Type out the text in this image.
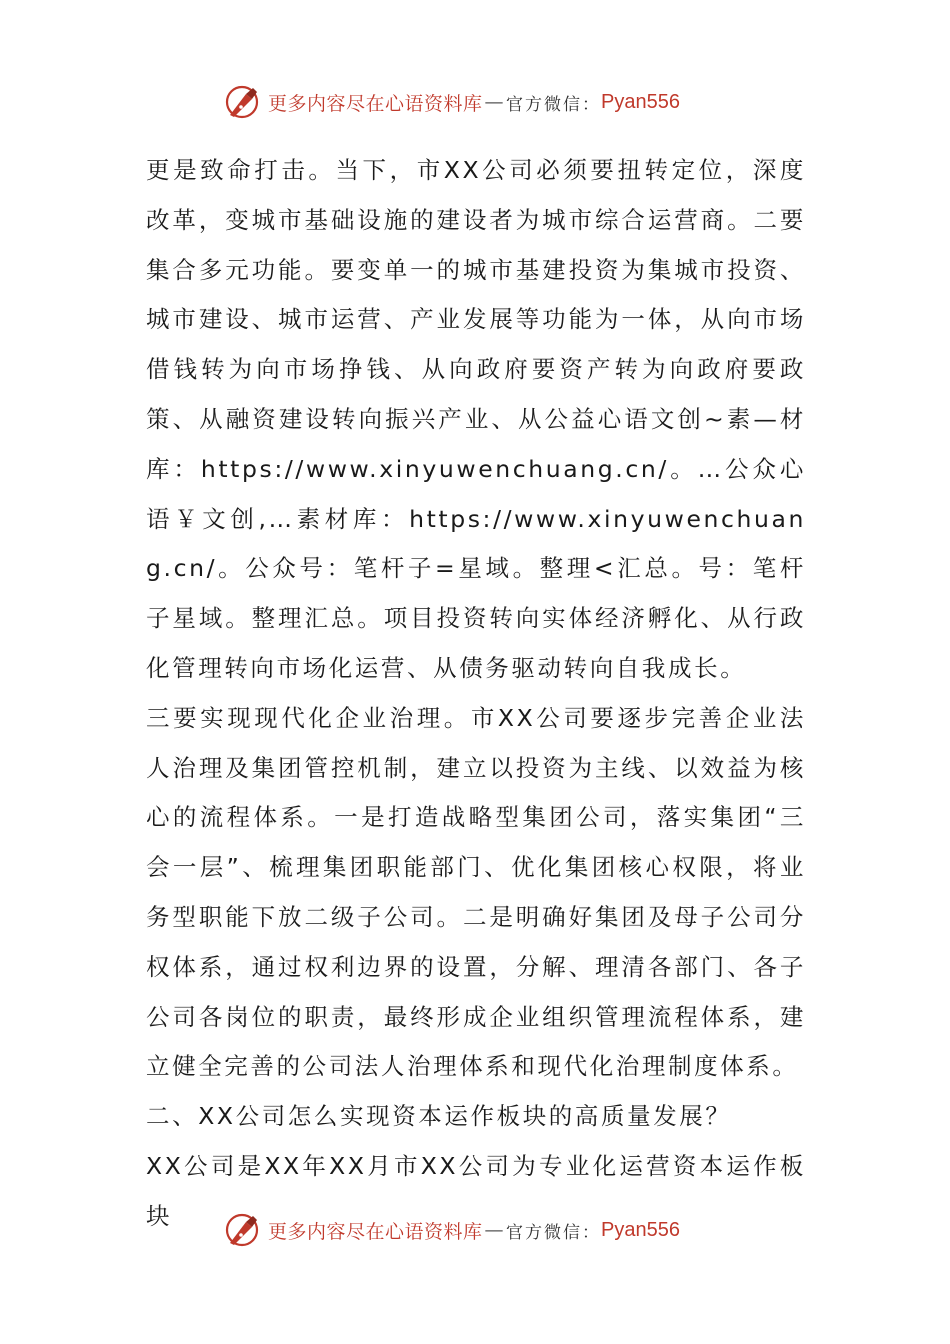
更多内容尽在心语资料库 — 官方微信： Pyan556

更是致命打击。当下，市XX公司必须要扭转定位，深度改革，变城市基础设施的建设者为城市综合运营商。二要集合多元功能。要变单一的城市基建投资为集城市投资、城市建设、城市运营、产业发展等功能为一体，从向市场借钱转为向市场挣钱、从向政府要资产转为向政府要政策、从融资建设转向振兴产业、从公益心语文创~素—材库：https://www.xinyuwenchuang.cn/。…公众心语￥文创,…素材库：https://www.xinyuwenchuang.cn/。公众号：笔杆子=星域。整理<汇总。号：笔杆子星域。整理汇总。项目投资转向实体经济孵化、从行政化管理转向市场化运营、从债务驱动转向自我成长。

三要实现现代化企业治理。市XX公司要逐步完善企业法人治理及集团管控机制，建立以投资为主线、以效益为核心的流程体系。一是打造战略型集团公司，落实集团“三会一层”、梳理集团职能部门、优化集团核心权限，将业务型职能下放二级子公司。二是明确好集团及母子公司分权体系，通过权利边界的设置，分解、理清各部门、各子公司各岗位的职责，最终形成企业组织管理流程体系，建立健全完善的公司法人治理体系和现代化治理制度体系。

二、XX公司怎么实现资本运作板块的高质量发展？

XX公司是XX年XX月市XX公司为专业化运营资本运作板块

更多内容尽在心语资料库 — 官方微信： Pyan556
